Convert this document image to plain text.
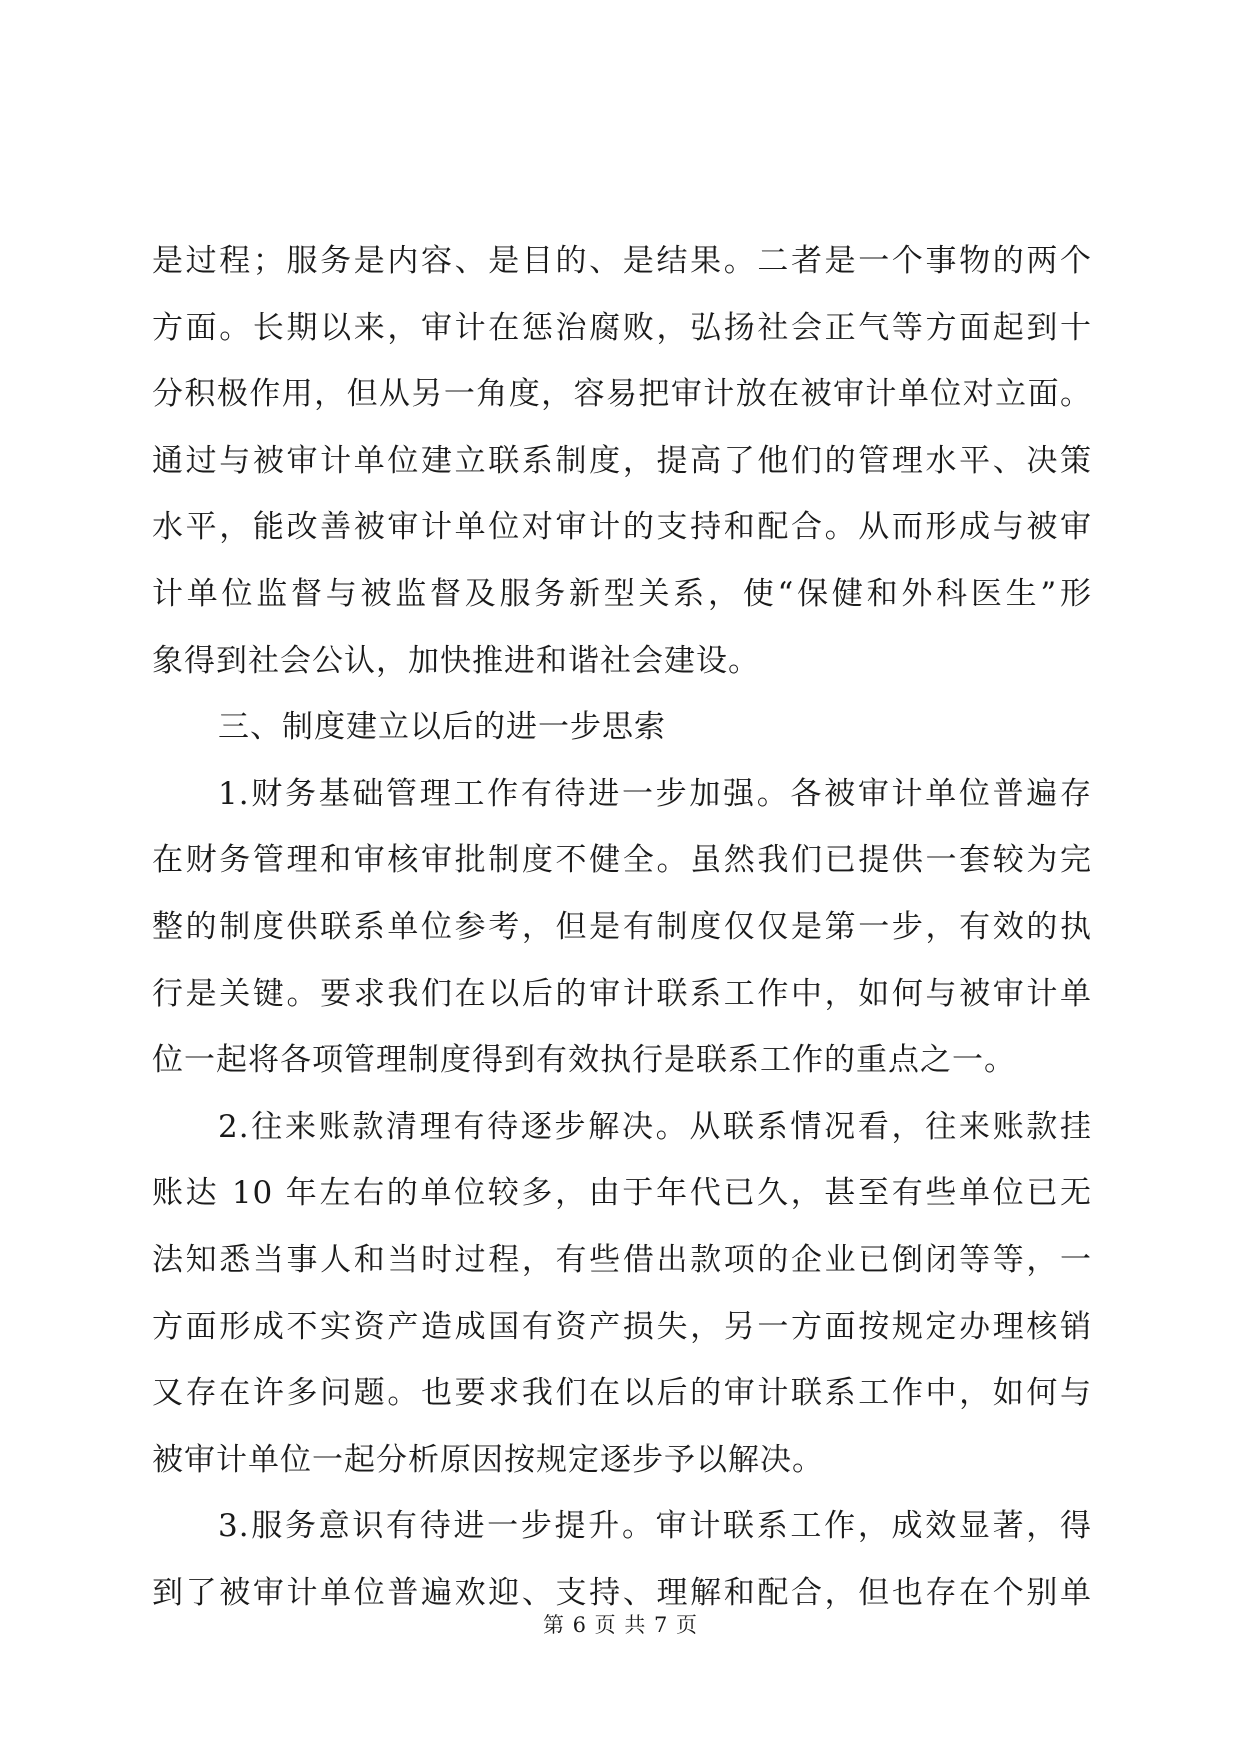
是过程；服务是内容、是目的、是结果。二者是一个事物的两个
方面。长期以来，审计在惩治腐败，弘扬社会正气等方面起到十
分积极作用，但从另一角度，容易把审计放在被审计单位对立面。
通过与被审计单位建立联系制度，提高了他们的管理水平、决策
水平，能改善被审计单位对审计的支持和配合。从而形成与被审
计单位监督与被监督及服务新型关系，使“保健和外科医生”形
象得到社会公认，加快推进和谐社会建设。
三、制度建立以后的进一步思索
1.财务基础管理工作有待进一步加强。各被审计单位普遍存
在财务管理和审核审批制度不健全。虽然我们已提供一套较为完
整的制度供联系单位参考，但是有制度仅仅是第一步，有效的执
行是关键。要求我们在以后的审计联系工作中，如何与被审计单
位一起将各项管理制度得到有效执行是联系工作的重点之一。
2.往来账款清理有待逐步解决。从联系情况看，往来账款挂
账达 10 年左右的单位较多，由于年代已久，甚至有些单位已无
法知悉当事人和当时过程，有些借出款项的企业已倒闭等等，一
方面形成不实资产造成国有资产损失，另一方面按规定办理核销
又存在许多问题。也要求我们在以后的审计联系工作中，如何与
被审计单位一起分析原因按规定逐步予以解决。
3.服务意识有待进一步提升。审计联系工作，成效显著，得
到了被审计单位普遍欢迎、支持、理解和配合，但也存在个别单
第 6 页 共 7 页
